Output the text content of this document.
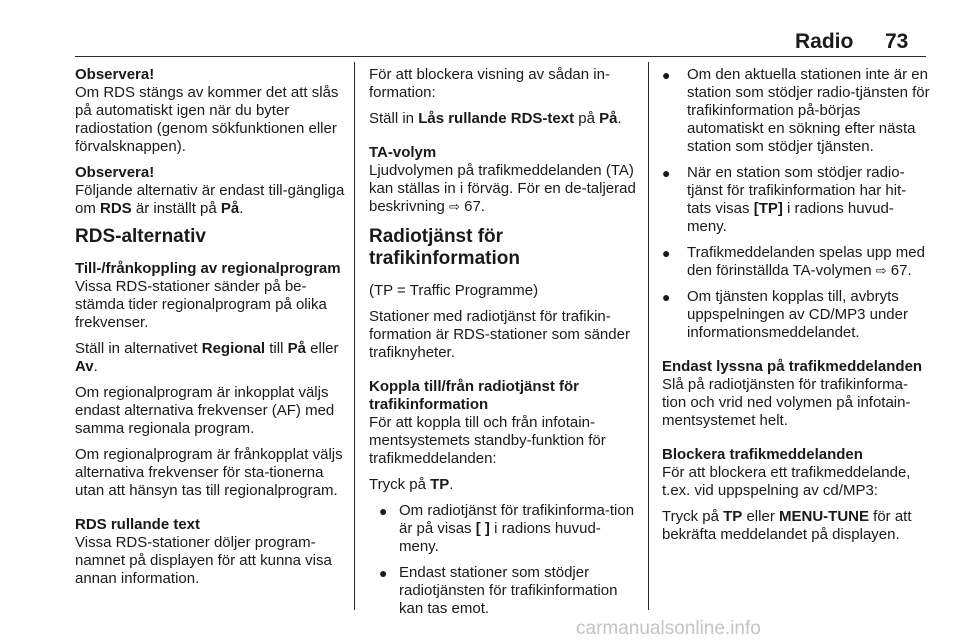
Radio 73

Observera!

Om RDS stängs av kommer det att slås på automatiskt igen när du byter radiostation (genom sökfunktionen eller förvalsknappen).

Observera!

Följande alternativ är endast till-gängliga om RDS är inställt på På.
RDS-alternativ

Till-/frånkoppling av regionalprogram

Vissa RDS-stationer sänder på be-stämda tider regionalprogram på olika frekvenser.

Ställ in alternativet Regional till På eller Av.

Om regionalprogram är inkopplat väljs endast alternativa frekvenser (AF) med samma regionala program.

Om regionalprogram är frånkopplat väljs alternativa frekvenser för sta-tionerna utan att hänsyn tas till regionalprogram.

RDS rullande text

Vissa RDS-stationer döljer program-namnet på displayen för att kunna visa annan information.

För att blockera visning av sådan in-formation:

Ställ in Lås rullande RDS-text på På.

TA-volym

Ljudvolymen på trafikmeddelanden (TA) kan ställas in i förväg. För en de-taljerad beskrivning ⇨ 67.

Radiotjänst för trafikinformation

(TP = Traffic Programme)

Stationer med radiotjänst för trafikin-formation är RDS-stationer som sänder trafiknyheter.

Koppla till/från radiotjänst för trafikinformation

För att koppla till och från infotain-mentsystemets standby-funktion för trafikmeddelanden:

Tryck på TP.

● Om radiotjänst för trafikinforma-tion är på visas [ ] i radions huvud-meny.
● Endast stationer som stödjer radiotjänsten för trafikinformation kan tas emot.
● Om den aktuella stationen inte är en station som stödjer radio-tjänsten för trafikinformation på-börjas automatiskt en sökning efter nästa station som stödjer tjänsten.
● När en station som stödjer radio-tjänst för trafikinformation har hit-tats visas [TP] i radions huvud-meny.
● Trafikmeddelanden spelas upp med den förinställda TA-volymen ⇨ 67.
● Om tjänsten kopplas till, avbryts uppspelningen av CD/MP3 under informationsmeddelandet.

Endast lyssna på trafikmeddelanden

Slå på radiotjänsten för trafikinforma-tion och vrid ned volymen på infotain-mentsystemet helt.

Blockera trafikmeddelanden

För att blockera ett trafikmeddelande, t.ex. vid uppspelning av cd/MP3:

Tryck på TP eller MENU-TUNE för att bekräfta meddelandet på displayen.

carmanualsonline.info
